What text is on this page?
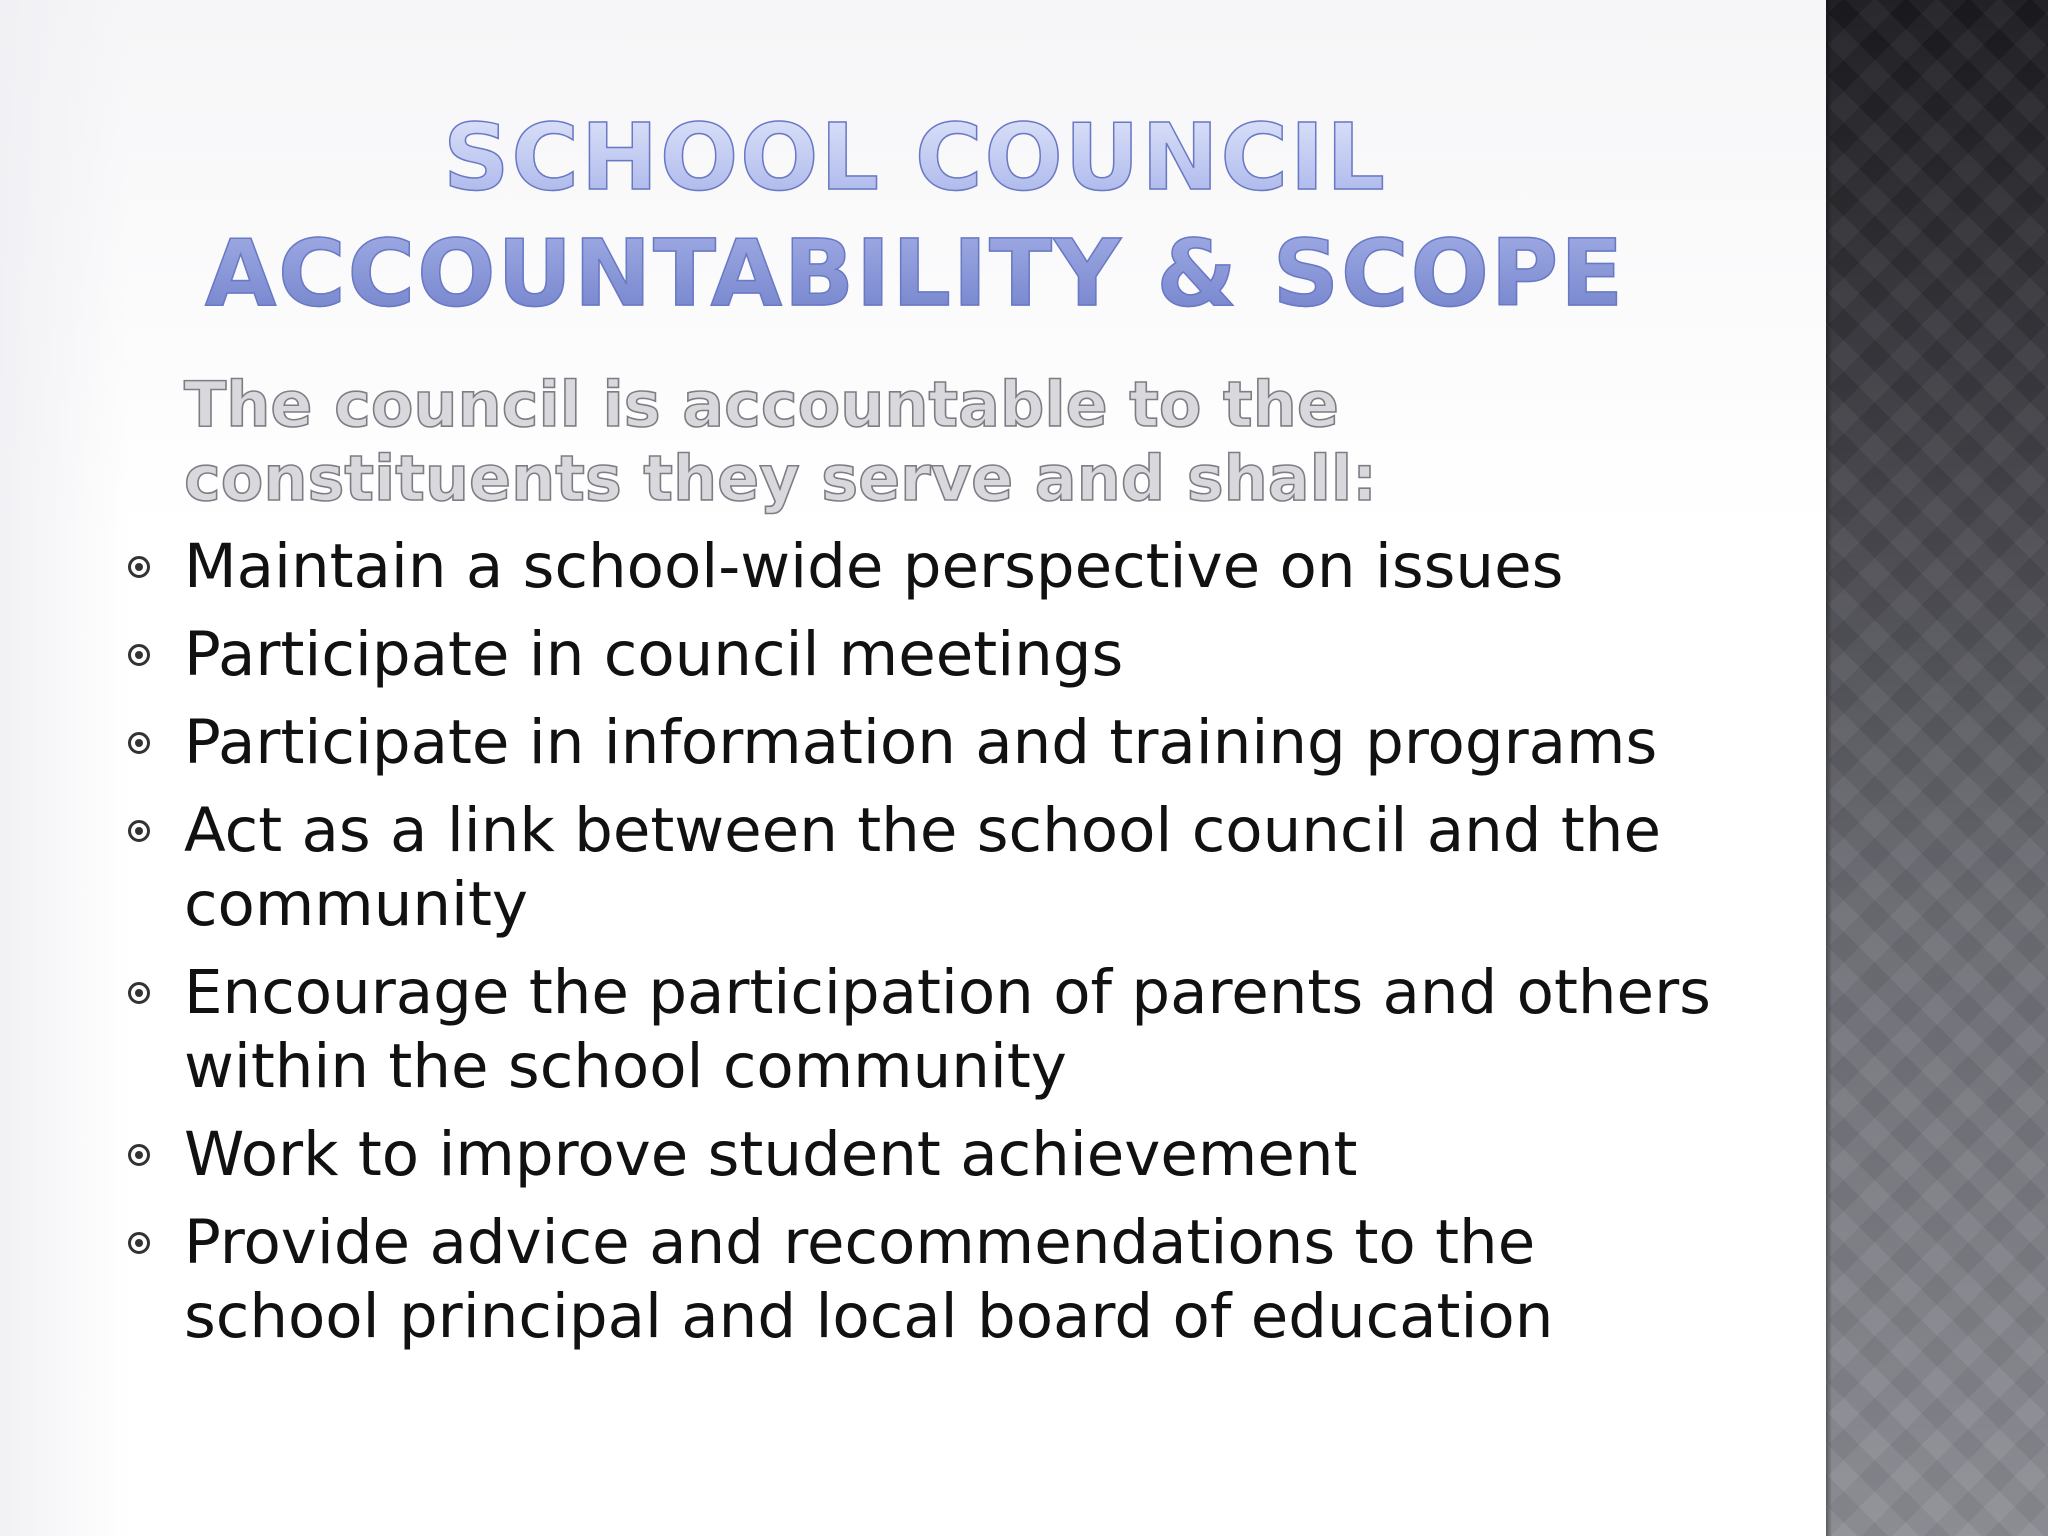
SCHOOL COUNCIL ACCOUNTABILITY & SCOPE

The council is accountable to the constituents they serve and shall:

Maintain a school-wide perspective on issues
Participate in council meetings
Participate in information and training programs
Act as a link between the school council and the community
Encourage the participation of parents and others within the school community
Work to improve student achievement
Provide advice and recommendations to the school principal and local board of education
